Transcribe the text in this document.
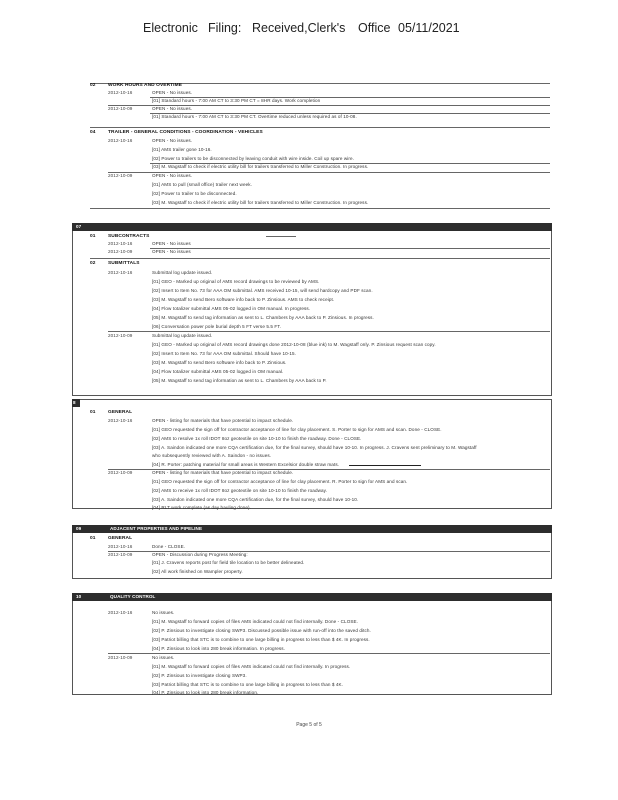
Electronic Filing: Received,Clerk's Office 05/11/2021
02	WORK HOURS AND OVERTIME
2012-10-16	OPEN - No issues.
[01] Standard hours - 7:00 AM CT to 3:30 PM CT = 8HR days. Work completion
2012-10-09	OPEN - No issues.
[01] Standard hours - 7:00 AM CT to 3:30 PM CT. Overtime reduced unless required as of 10-08.
04	TRAILER - GENERAL CONDITIONS - COORDINATION - VEHICLES
2012-10-16	OPEN - No issues.
[01] AMS trailer gone 10-16.
[02] Power to trailers to be disconnected by leaving conduit with wire inside. Coil up spare wire.
[03] M. Wagstaff to check if electric utility bill for trailers transferred to Miller Construction. In progress.
2012-10-09	OPEN - No issues.
[01] AMS to pull (small office) trailer next week.
[02] Power to trailer to be disconnected.
[03] M. Wagstaff to check if electric utility bill for trailers transferred to Miller Construction. In progress.
07
01	SUBCONTRACTS
2012-10-16	OPEN - No issues
2012-10-09	OPEN - No issues
02	SUBMITTALS
2012-10-16	Submittal log update issued.
[01] GEO - Marked up original of AMS record drawings to be reviewed by AMS.
[02] Insert to Item No. 73 for AAA OM submittal. AMS received 10-15, will send hardcopy and PDF scan.
[03] M. Wagstaff to send Bero software info back to P. Zinsious. AMS to check receipt.
[04] Flow totalizer submittal AMS 05-02 logged in OM manual. In progress.
[05] M. Wagstaff to send tag information as sent to L. Chambers by AAA back to P. Zinsious. In progress.
[06] Conversation power pole burial depth 5 FT verse 5.5 FT.
2012-10-09	Submittal log update issued.
[01] GEO - Marked up original of AMS record drawings done 2012-10-08 (blue ink) to M. Wagstaff only. P. Zinsious request scan copy.
[02] Insert to Item No. 73 for AAA OM submittal. Should have 10-15.
[03] M. Wagstaff to send Bero software info back to P. Zinsious.
[04] Flow totalizer submittal AMS 05-02 logged in OM manual.
[05] M. Wagstaff to send tag information as sent to L. Chambers by AAA back to P.
8
01	GENERAL
2012-10-16	OPEN - listing for materials that have potential to impact schedule.
[01] GEO requested the sign off for contractor acceptance of line for clay placement. S. Porter to sign for AMS and scan. Done - CLOSE.
[02] AMS to resolve 1x roll IDOT 8oz geotextile on site 10-10 to finish the roadway. Done - CLOSE.
[03] A. Saindon indicated one more CQA certification due, for the final survey, should have 10-10. In progress. J. Cravens sent preliminary to M. Wagstaff
who subsequently reviewed with A. Saindon - no issues.
[04] R. Porter: patching material for small areas is Western Excelsior double straw mats.
2012-10-09	OPEN - listing for materials that have potential to impact schedule.
[01] GEO requested the sign off for contractor acceptance of line for clay placement. R. Porter to sign for AMS and scan.
[02] AMS to receive 1x roll IDOT 8oz geotextile on site 10-10 to finish the roadway.
[03] A. Saindon indicated one more CQA certification due, for the final survey, should have 10-10.
[04] RLT work complete (as day hauling done).
09	ADJACENT PROPERTIES AND PIPELINE
01	GENERAL
2012-10-16	Done - CLOSE.
2012-10-09	OPEN - Discussion during Progress Meeting:
[01] J. Cravens reports post for field tile location to be better delineated.
[02] All work finished on Wampler property.
10	QUALITY CONTROL
2012-10-16	No issues.
[01] M. Wagstaff to forward copies of files AMS indicated could not find internally. Done - CLOSE.
[02] P. Zinsious to investigate closing SWP3. Discussed possible issue with run-off into the saved ditch.
[03] Patriot billing that STC is to combine to one large billing in progress to less than $ 4K. In progress.
[04] P. Zinsious to look into 280 break information. In progress.
2012-10-09	No issues.
[01] M. Wagstaff to forward copies of files AMS indicated could not find internally. In progress.
[02] P. Zinsious to investigate closing SWP3.
[03] Patriot billing that STC is to combine to one large billing in progress to less than $ 4K.
[04] P. Zinsious to look into 280 break information.
Page 5 of 5
